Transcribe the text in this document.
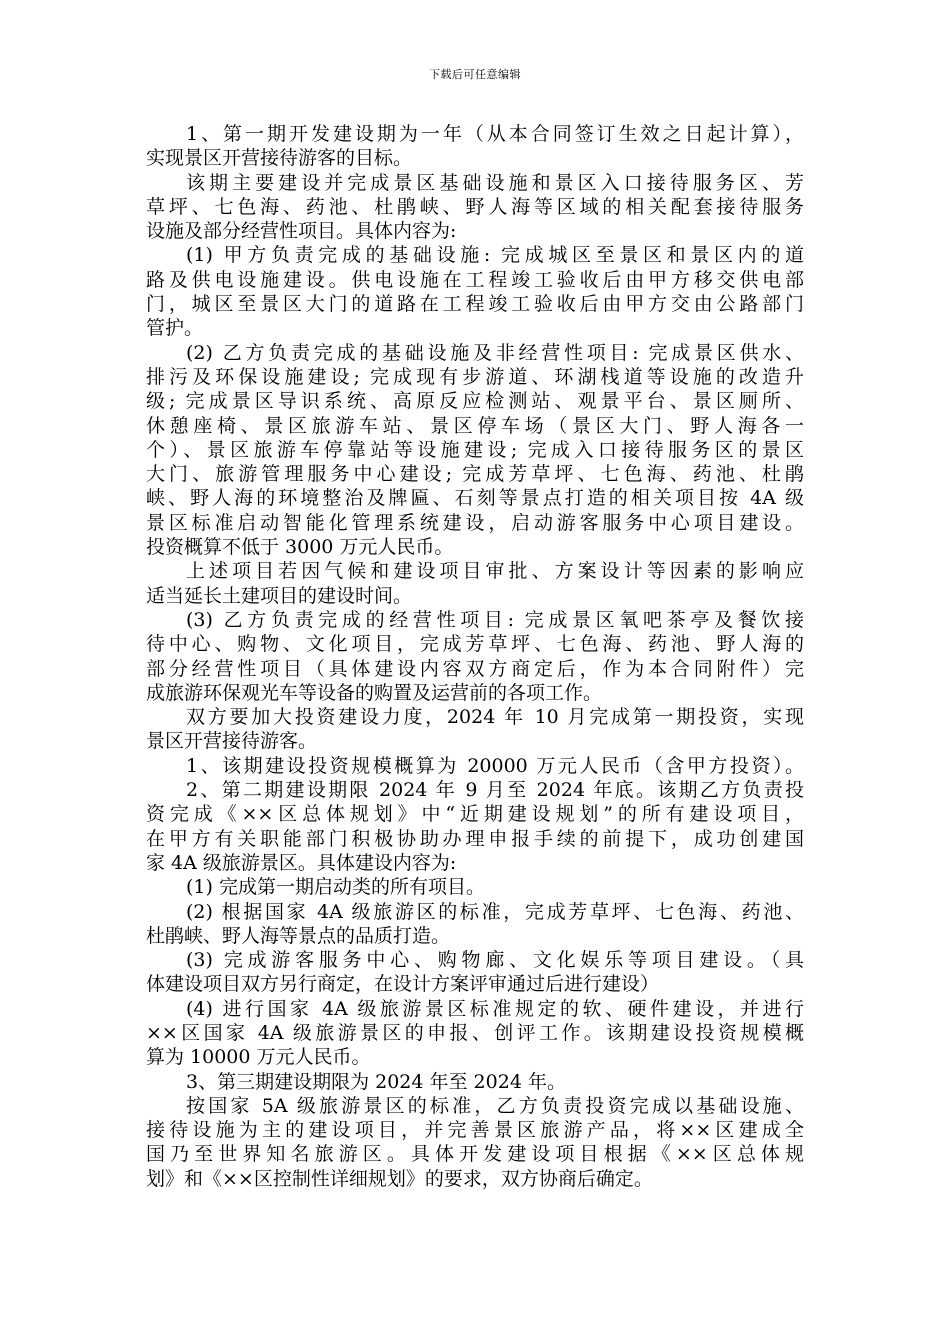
下载后可任意编辑
1、第一期开发建设期为一年（从本合同签订生效之日起计算），
实现景区开营接待游客的目标。
该期主要建设并完成景区基础设施和景区入口接待服务区、芳
草坪、七色海、药池、杜鹃峡、野人海等区域的相关配套接待服务
设施及部分经营性项目。具体内容为:
(1) 甲方负责完成的基础设施: 完成城区至景区和景区内的道
路及供电设施建设。供电设施在工程竣工验收后由甲方移交供电部
门，城区至景区大门的道路在工程竣工验收后由甲方交由公路部门
管护。
(2) 乙方负责完成的基础设施及非经营性项目: 完成景区供水、
排污及环保设施建设; 完成现有步游道、环湖栈道等设施的改造升
级; 完成景区导识系统、高原反应检测站、观景平台、景区厕所、
休憩座椅、景区旅游车站、景区停车场（景区大门、野人海各一
个）、景区旅游车停靠站等设施建设; 完成入口接待服务区的景区
大门、旅游管理服务中心建设; 完成芳草坪、七色海、药池、杜鹃
峡、野人海的环境整治及牌匾、石刻等景点打造的相关项目按 4A 级
景区标准启动智能化管理系统建设，启动游客服务中心项目建设。
投资概算不低于 3000 万元人民币。
上述项目若因气候和建设项目审批、方案设计等因素的影响应
适当延长土建项目的建设时间。
(3) 乙方负责完成的经营性项目: 完成景区氧吧茶亭及餐饮接
待中心、购物、文化项目，完成芳草坪、七色海、药池、野人海的
部分经营性项目（具体建设内容双方商定后，作为本合同附件）完
成旅游环保观光车等设备的购置及运营前的各项工作。
双方要加大投资建设力度，2024 年 10 月完成第一期投资，实现
景区开营接待游客。
1、该期建设投资规模概算为 20000 万元人民币（含甲方投资）。
2、第二期建设期限 2024 年 9 月至 2024 年底。该期乙方负责投
资完成《××区总体规划》中“近期建设规划”的所有建设项目，
在甲方有关职能部门积极协助办理申报手续的前提下，成功创建国
家 4A 级旅游景区。具体建设内容为:
(1) 完成第一期启动类的所有项目。
(2) 根据国家 4A 级旅游区的标准，完成芳草坪、七色海、药池、
杜鹃峡、野人海等景点的品质打造。
(3) 完成游客服务中心、购物廊、文化娱乐等项目建设。（具
体建设项目双方另行商定，在设计方案评审通过后进行建设）
(4) 进行国家 4A 级旅游景区标准规定的软、硬件建设，并进行
××区国家 4A 级旅游景区的申报、创评工作。该期建设投资规模概
算为 10000 万元人民币。
3、第三期建设期限为 2024 年至 2024 年。
按国家 5A 级旅游景区的标准，乙方负责投资完成以基础设施、
接待设施为主的建设项目，并完善景区旅游产品，将××区建成全
国乃至世界知名旅游区。具体开发建设项目根据《××区总体规
划》和《××区控制性详细规划》的要求，双方协商后确定。
